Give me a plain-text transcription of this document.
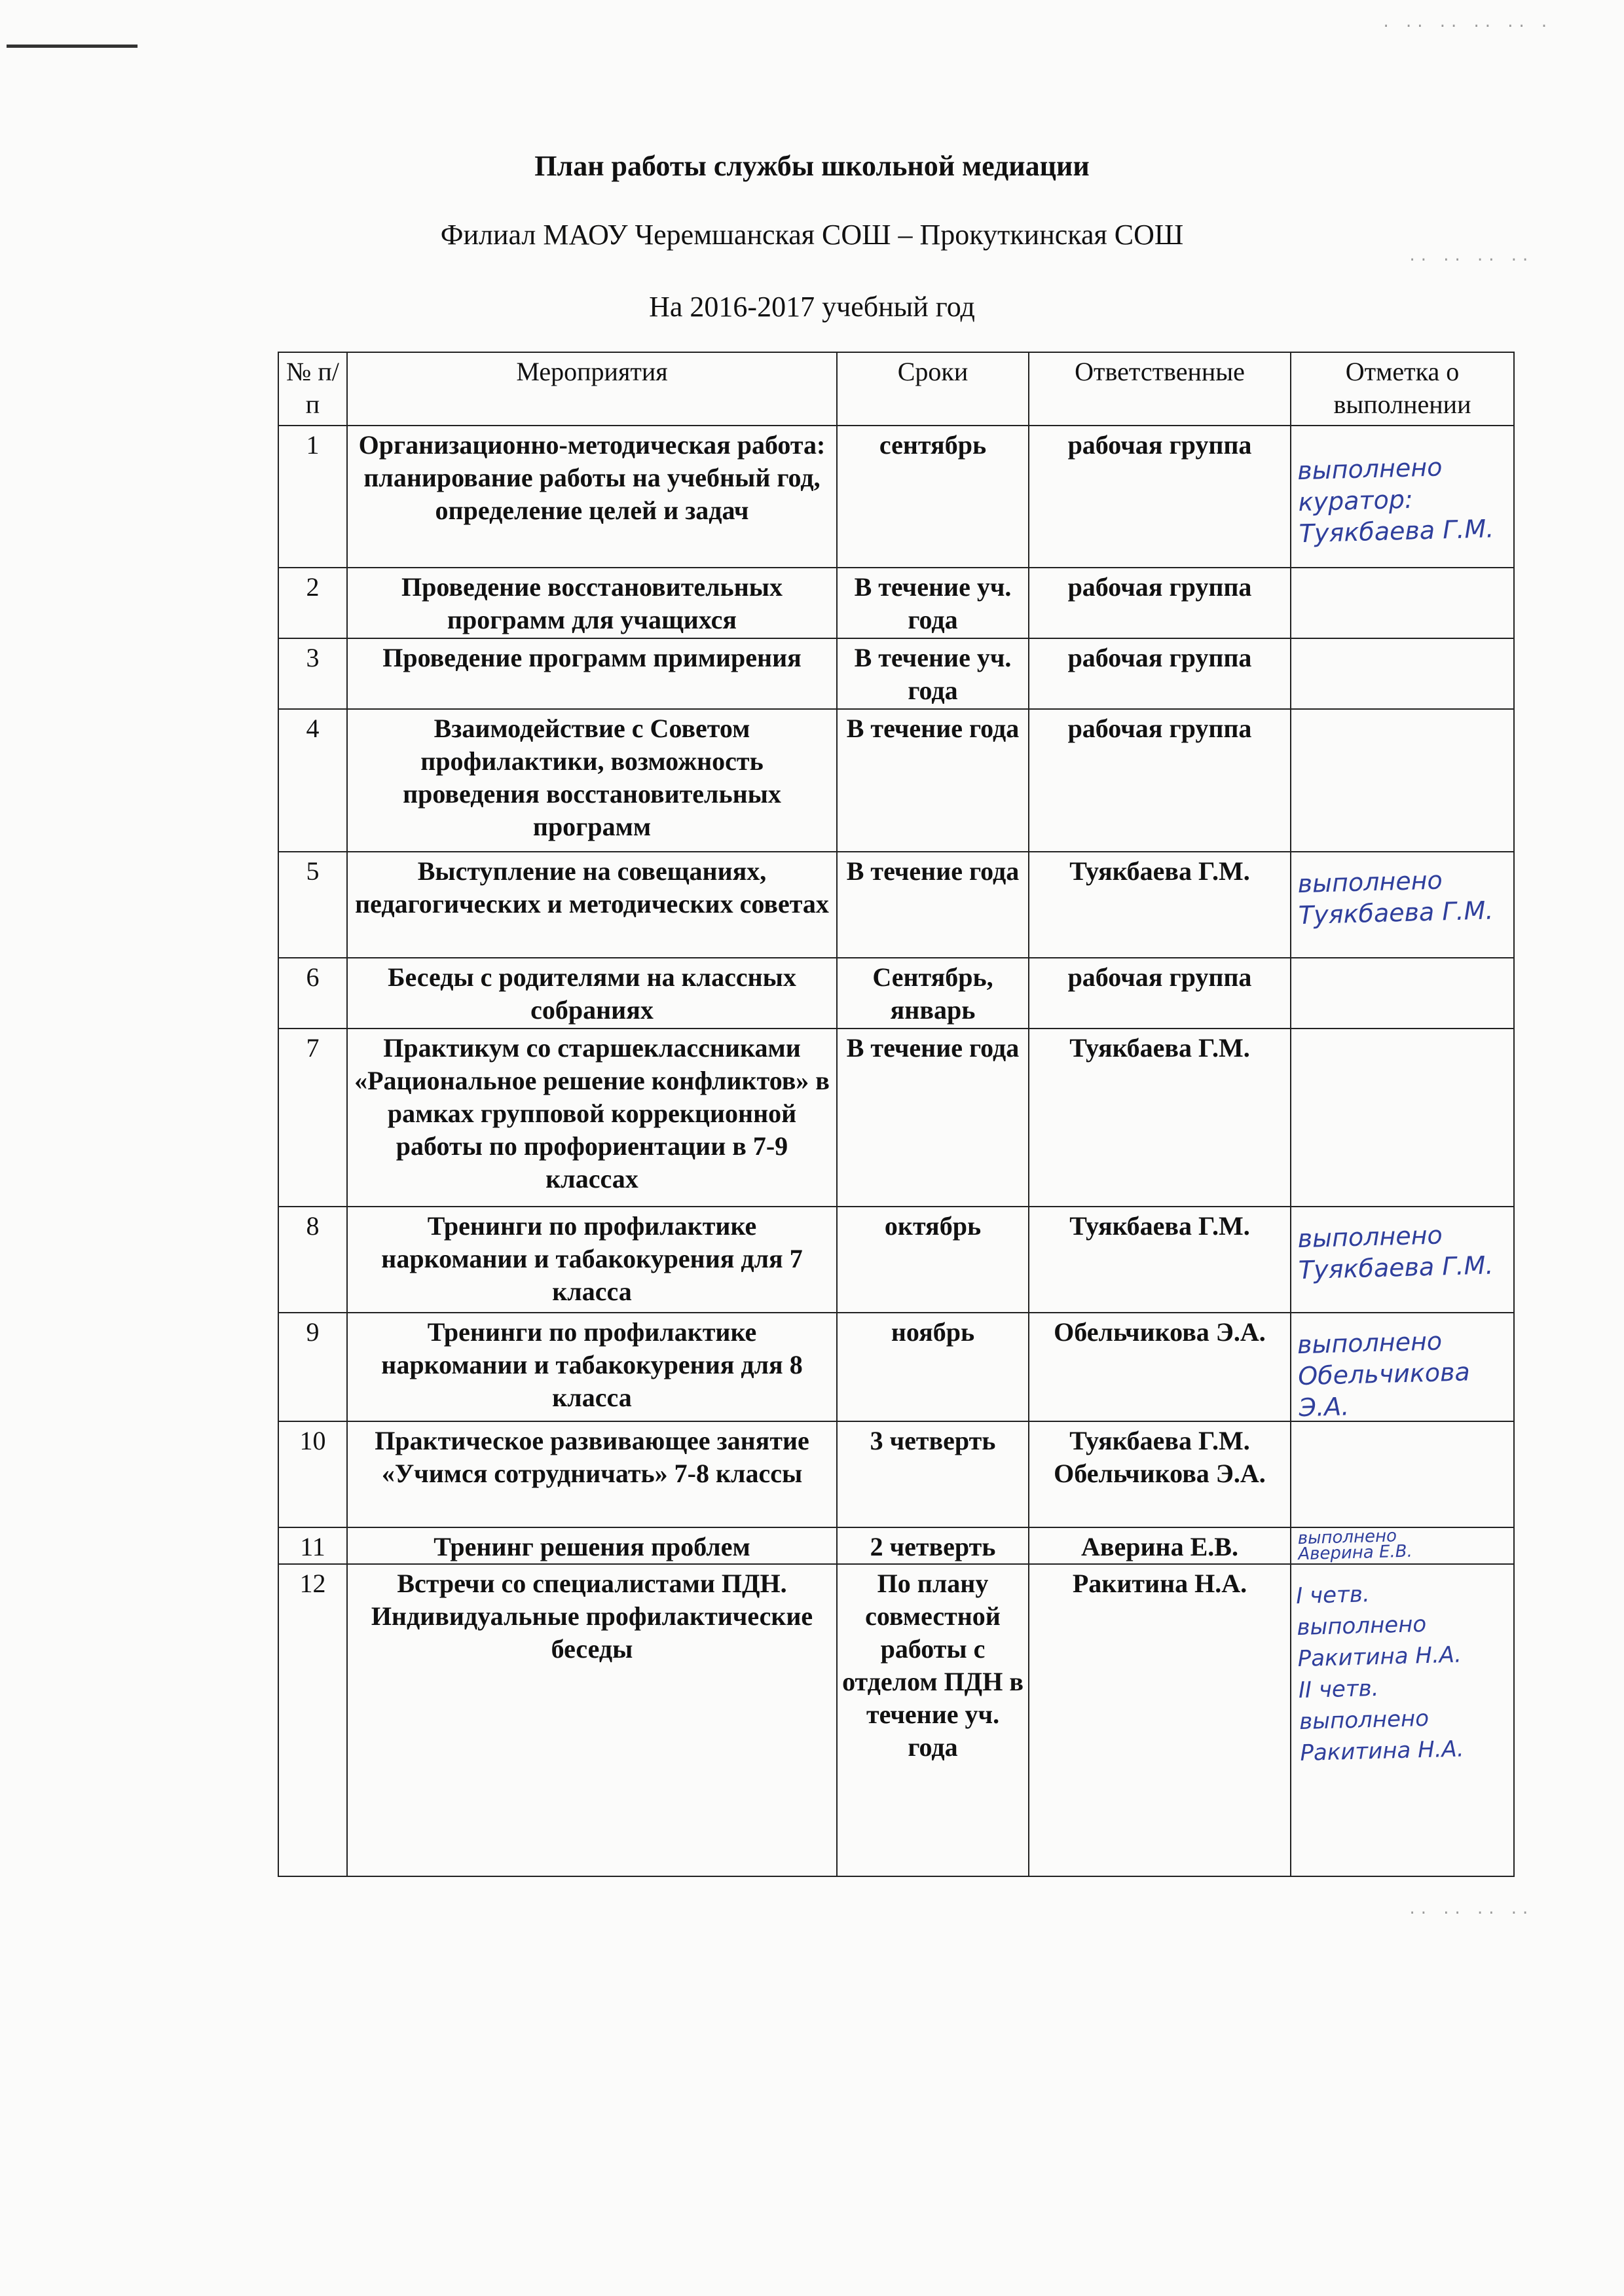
· ·· ·· ·· ·· ·
·· ·· ·· ··
·· ·· ·· ··
План работы службы школьной медиации
Филиал МАОУ Черемшанская СОШ – Прокуткинская СОШ
На 2016-2017 учебный год
№ п/п	Мероприятия	Сроки	Ответственные	Отметка о выполнении
1	Организационно-методическая работа: планирование работы на учебный год, определение целей и задач	сентябрь	рабочая группа	выполнено
куратор:
Туякбаева Г.М.

2	Проведение восстановительных программ для учащихся	В течение уч. года	рабочая группа	
3	Проведение программ примирения	В течение уч. года	рабочая группа	
4	Взаимодействие с Советом профилактики, возможность проведения восстановительных программ	В течение года	рабочая группа	
5	Выступление на совещаниях, педагогических и методических советах	В течение года	Туякбаева Г.М.	выполнено
Туякбаева Г.М.

6	Беседы с родителями на классных собраниях	Сентябрь, январь	рабочая группа	
7	Практикум со старшеклассниками «Рациональное решение конфликтов» в рамках групповой коррекционной работы по профориентации в 7-9 классах	В течение года	Туякбаева Г.М.	
8	Тренинги по профилактике наркомании и табакокурения для 7 класса	октябрь	Туякбаева Г.М.	выполнено
Туякбаева Г.М.

9	Тренинги по профилактике наркомании и табакокурения для 8 класса	ноябрь	Обельчикова Э.А.	выполнено
Обельчикова Э.А.

10	Практическое развивающее занятие «Учимся сотрудничать» 7-8 классы	3 четверть	Туякбаева Г.М.
Обельчикова Э.А.	
11	Тренинг решения проблем	2 четверть	Аверина Е.В.	выполнено
Аверина Е.В.

12	Встречи со специалистами ПДН. Индивидуальные профилактические беседы	По плану совместной работы с отделом ПДН в течение уч. года	Ракитина Н.А.	I четв. выполнено Ракитина Н.А.
II четв. выполнено Ракитина Н.А.
